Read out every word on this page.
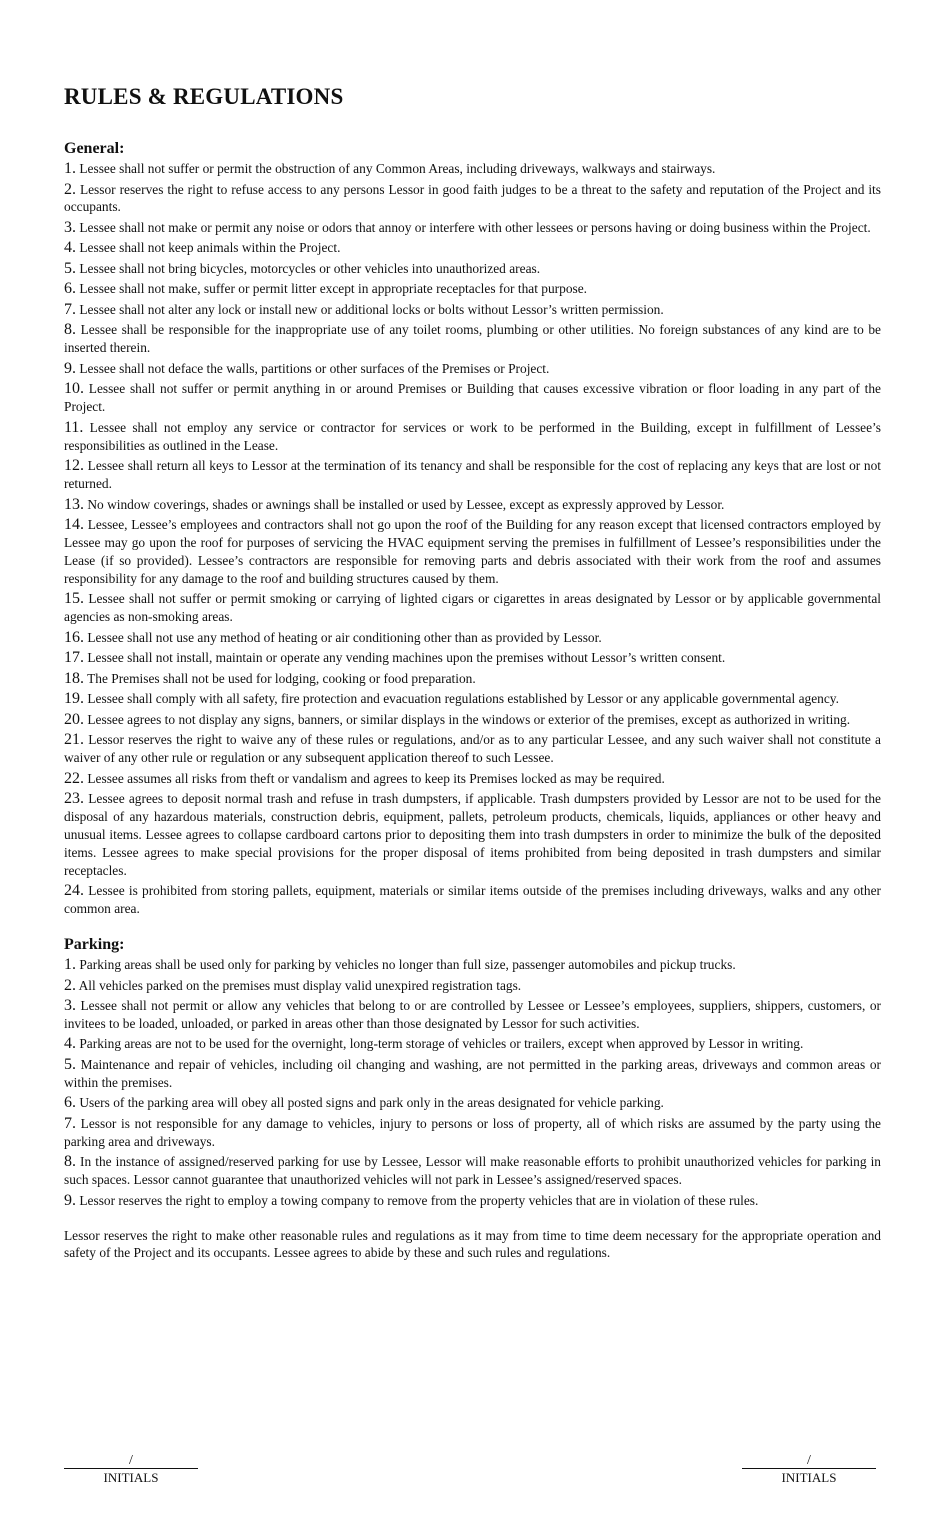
RULES & REGULATIONS
General:
1. Lessee shall not suffer or permit the obstruction of any Common Areas, including driveways, walkways and stairways.
2. Lessor reserves the right to refuse access to any persons Lessor in good faith judges to be a threat to the safety and reputation of the Project and its occupants.
3. Lessee shall not make or permit any noise or odors that annoy or interfere with other lessees or persons having or doing business within the Project.
4. Lessee shall not keep animals within the Project.
5. Lessee shall not bring bicycles, motorcycles or other vehicles into unauthorized areas.
6. Lessee shall not make, suffer or permit litter except in appropriate receptacles for that purpose.
7. Lessee shall not alter any lock or install new or additional locks or bolts without Lessor’s written permission.
8. Lessee shall be responsible for the inappropriate use of any toilet rooms, plumbing or other utilities. No foreign substances of any kind are to be inserted therein.
9. Lessee shall not deface the walls, partitions or other surfaces of the Premises or Project.
10. Lessee shall not suffer or permit anything in or around Premises or Building that causes excessive vibration or floor loading in any part of the Project.
11. Lessee shall not employ any service or contractor for services or work to be performed in the Building, except in fulfillment of Lessee’s responsibilities as outlined in the Lease.
12. Lessee shall return all keys to Lessor at the termination of its tenancy and shall be responsible for the cost of replacing any keys that are lost or not returned.
13. No window coverings, shades or awnings shall be installed or used by Lessee, except as expressly approved by Lessor.
14. Lessee, Lessee’s employees and contractors shall not go upon the roof of the Building for any reason except that licensed contractors employed by Lessee may go upon the roof for purposes of servicing the HVAC equipment serving the premises in fulfillment of Lessee’s responsibilities under the Lease (if so provided). Lessee’s contractors are responsible for removing parts and debris associated with their work from the roof and assumes responsibility for any damage to the roof and building structures caused by them.
15. Lessee shall not suffer or permit smoking or carrying of lighted cigars or cigarettes in areas designated by Lessor or by applicable governmental agencies as non-smoking areas.
16. Lessee shall not use any method of heating or air conditioning other than as provided by Lessor.
17. Lessee shall not install, maintain or operate any vending machines upon the premises without Lessor’s written consent.
18. The Premises shall not be used for lodging, cooking or food preparation.
19. Lessee shall comply with all safety, fire protection and evacuation regulations established by Lessor or any applicable governmental agency.
20. Lessee agrees to not display any signs, banners, or similar displays in the windows or exterior of the premises, except as authorized in writing.
21. Lessor reserves the right to waive any of these rules or regulations, and/or as to any particular Lessee, and any such waiver shall not constitute a waiver of any other rule or regulation or any subsequent application thereof to such Lessee.
22. Lessee assumes all risks from theft or vandalism and agrees to keep its Premises locked as may be required.
23. Lessee agrees to deposit normal trash and refuse in trash dumpsters, if applicable. Trash dumpsters provided by Lessor are not to be used for the disposal of any hazardous materials, construction debris, equipment, pallets, petroleum products, chemicals, liquids, appliances or other heavy and unusual items. Lessee agrees to collapse cardboard cartons prior to depositing them into trash dumpsters in order to minimize the bulk of the deposited items. Lessee agrees to make special provisions for the proper disposal of items prohibited from being deposited in trash dumpsters and similar receptacles.
24. Lessee is prohibited from storing pallets, equipment, materials or similar items outside of the premises including driveways, walks and any other common area.
Parking:
1. Parking areas shall be used only for parking by vehicles no longer than full size, passenger automobiles and pickup trucks.
2. All vehicles parked on the premises must display valid unexpired registration tags.
3. Lessee shall not permit or allow any vehicles that belong to or are controlled by Lessee or Lessee’s employees, suppliers, shippers, customers, or invitees to be loaded, unloaded, or parked in areas other than those designated by Lessor for such activities.
4. Parking areas are not to be used for the overnight, long-term storage of vehicles or trailers, except when approved by Lessor in writing.
5. Maintenance and repair of vehicles, including oil changing and washing, are not permitted in the parking areas, driveways and common areas or within the premises.
6. Users of the parking area will obey all posted signs and park only in the areas designated for vehicle parking.
7. Lessor is not responsible for any damage to vehicles, injury to persons or loss of property, all of which risks are assumed by the party using the parking area and driveways.
8. In the instance of assigned/reserved parking for use by Lessee, Lessor will make reasonable efforts to prohibit unauthorized vehicles for parking in such spaces. Lessor cannot guarantee that unauthorized vehicles will not park in Lessee’s assigned/reserved spaces.
9. Lessor reserves the right to employ a towing company to remove from the property vehicles that are in violation of these rules.

Lessor reserves the right to make other reasonable rules and regulations as it may from time to time deem necessary for the appropriate operation and safety of the Project and its occupants. Lessee agrees to abide by these and such rules and regulations.

/
INITIALS
/
INITIALS
